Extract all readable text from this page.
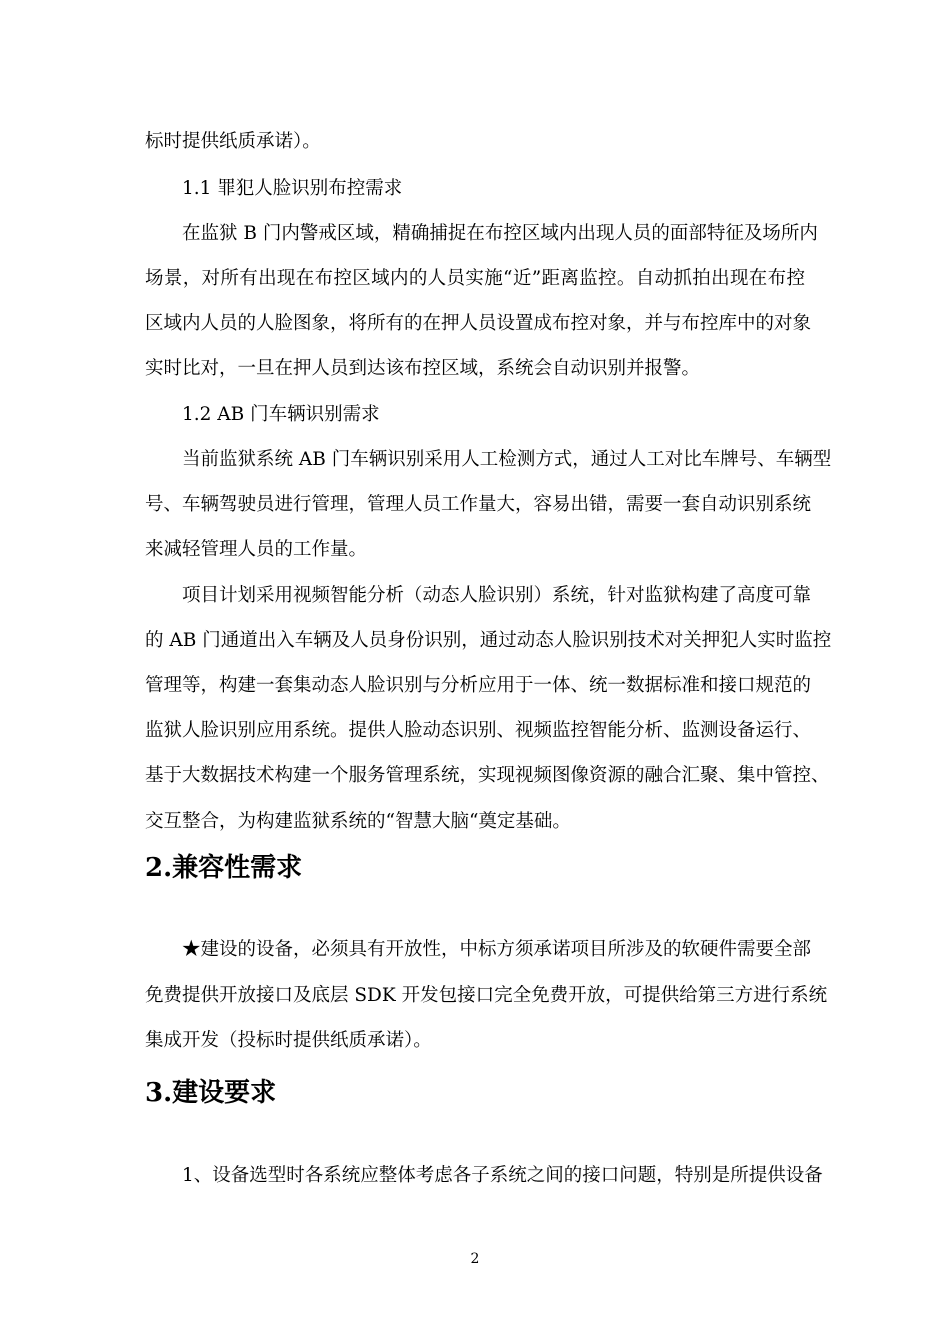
标时提供纸质承诺）。
1.1 罪犯人脸识别布控需求
在监狱 B 门内警戒区域，精确捕捉在布控区域内出现人员的面部特征及场所内
场景，对所有出现在布控区域内的人员实施“近”距离监控。自动抓拍出现在布控
区域内人员的人脸图象，将所有的在押人员设置成布控对象，并与布控库中的对象
实时比对，一旦在押人员到达该布控区域，系统会自动识别并报警。
1.2 AB 门车辆识别需求
当前监狱系统 AB 门车辆识别采用人工检测方式，通过人工对比车牌号、车辆型
号、车辆驾驶员进行管理，管理人员工作量大，容易出错，需要一套自动识别系统
来减轻管理人员的工作量。
项目计划采用视频智能分析（动态人脸识别）系统，针对监狱构建了高度可靠
的 AB 门通道出入车辆及人员身份识别，通过动态人脸识别技术对关押犯人实时监控
管理等，构建一套集动态人脸识别与分析应用于一体、统一数据标准和接口规范的
监狱人脸识别应用系统。提供人脸动态识别、视频监控智能分析、监测设备运行、
基于大数据技术构建一个服务管理系统，实现视频图像资源的融合汇聚、集中管控、
交互整合，为构建监狱系统的“智慧大脑“奠定基础。
2.兼容性需求
★建设的设备，必须具有开放性，中标方须承诺项目所涉及的软硬件需要全部
免费提供开放接口及底层 SDK 开发包接口完全免费开放，可提供给第三方进行系统
集成开发（投标时提供纸质承诺）。
3.建设要求
1、设备选型时各系统应整体考虑各子系统之间的接口问题，特别是所提供设备
2
